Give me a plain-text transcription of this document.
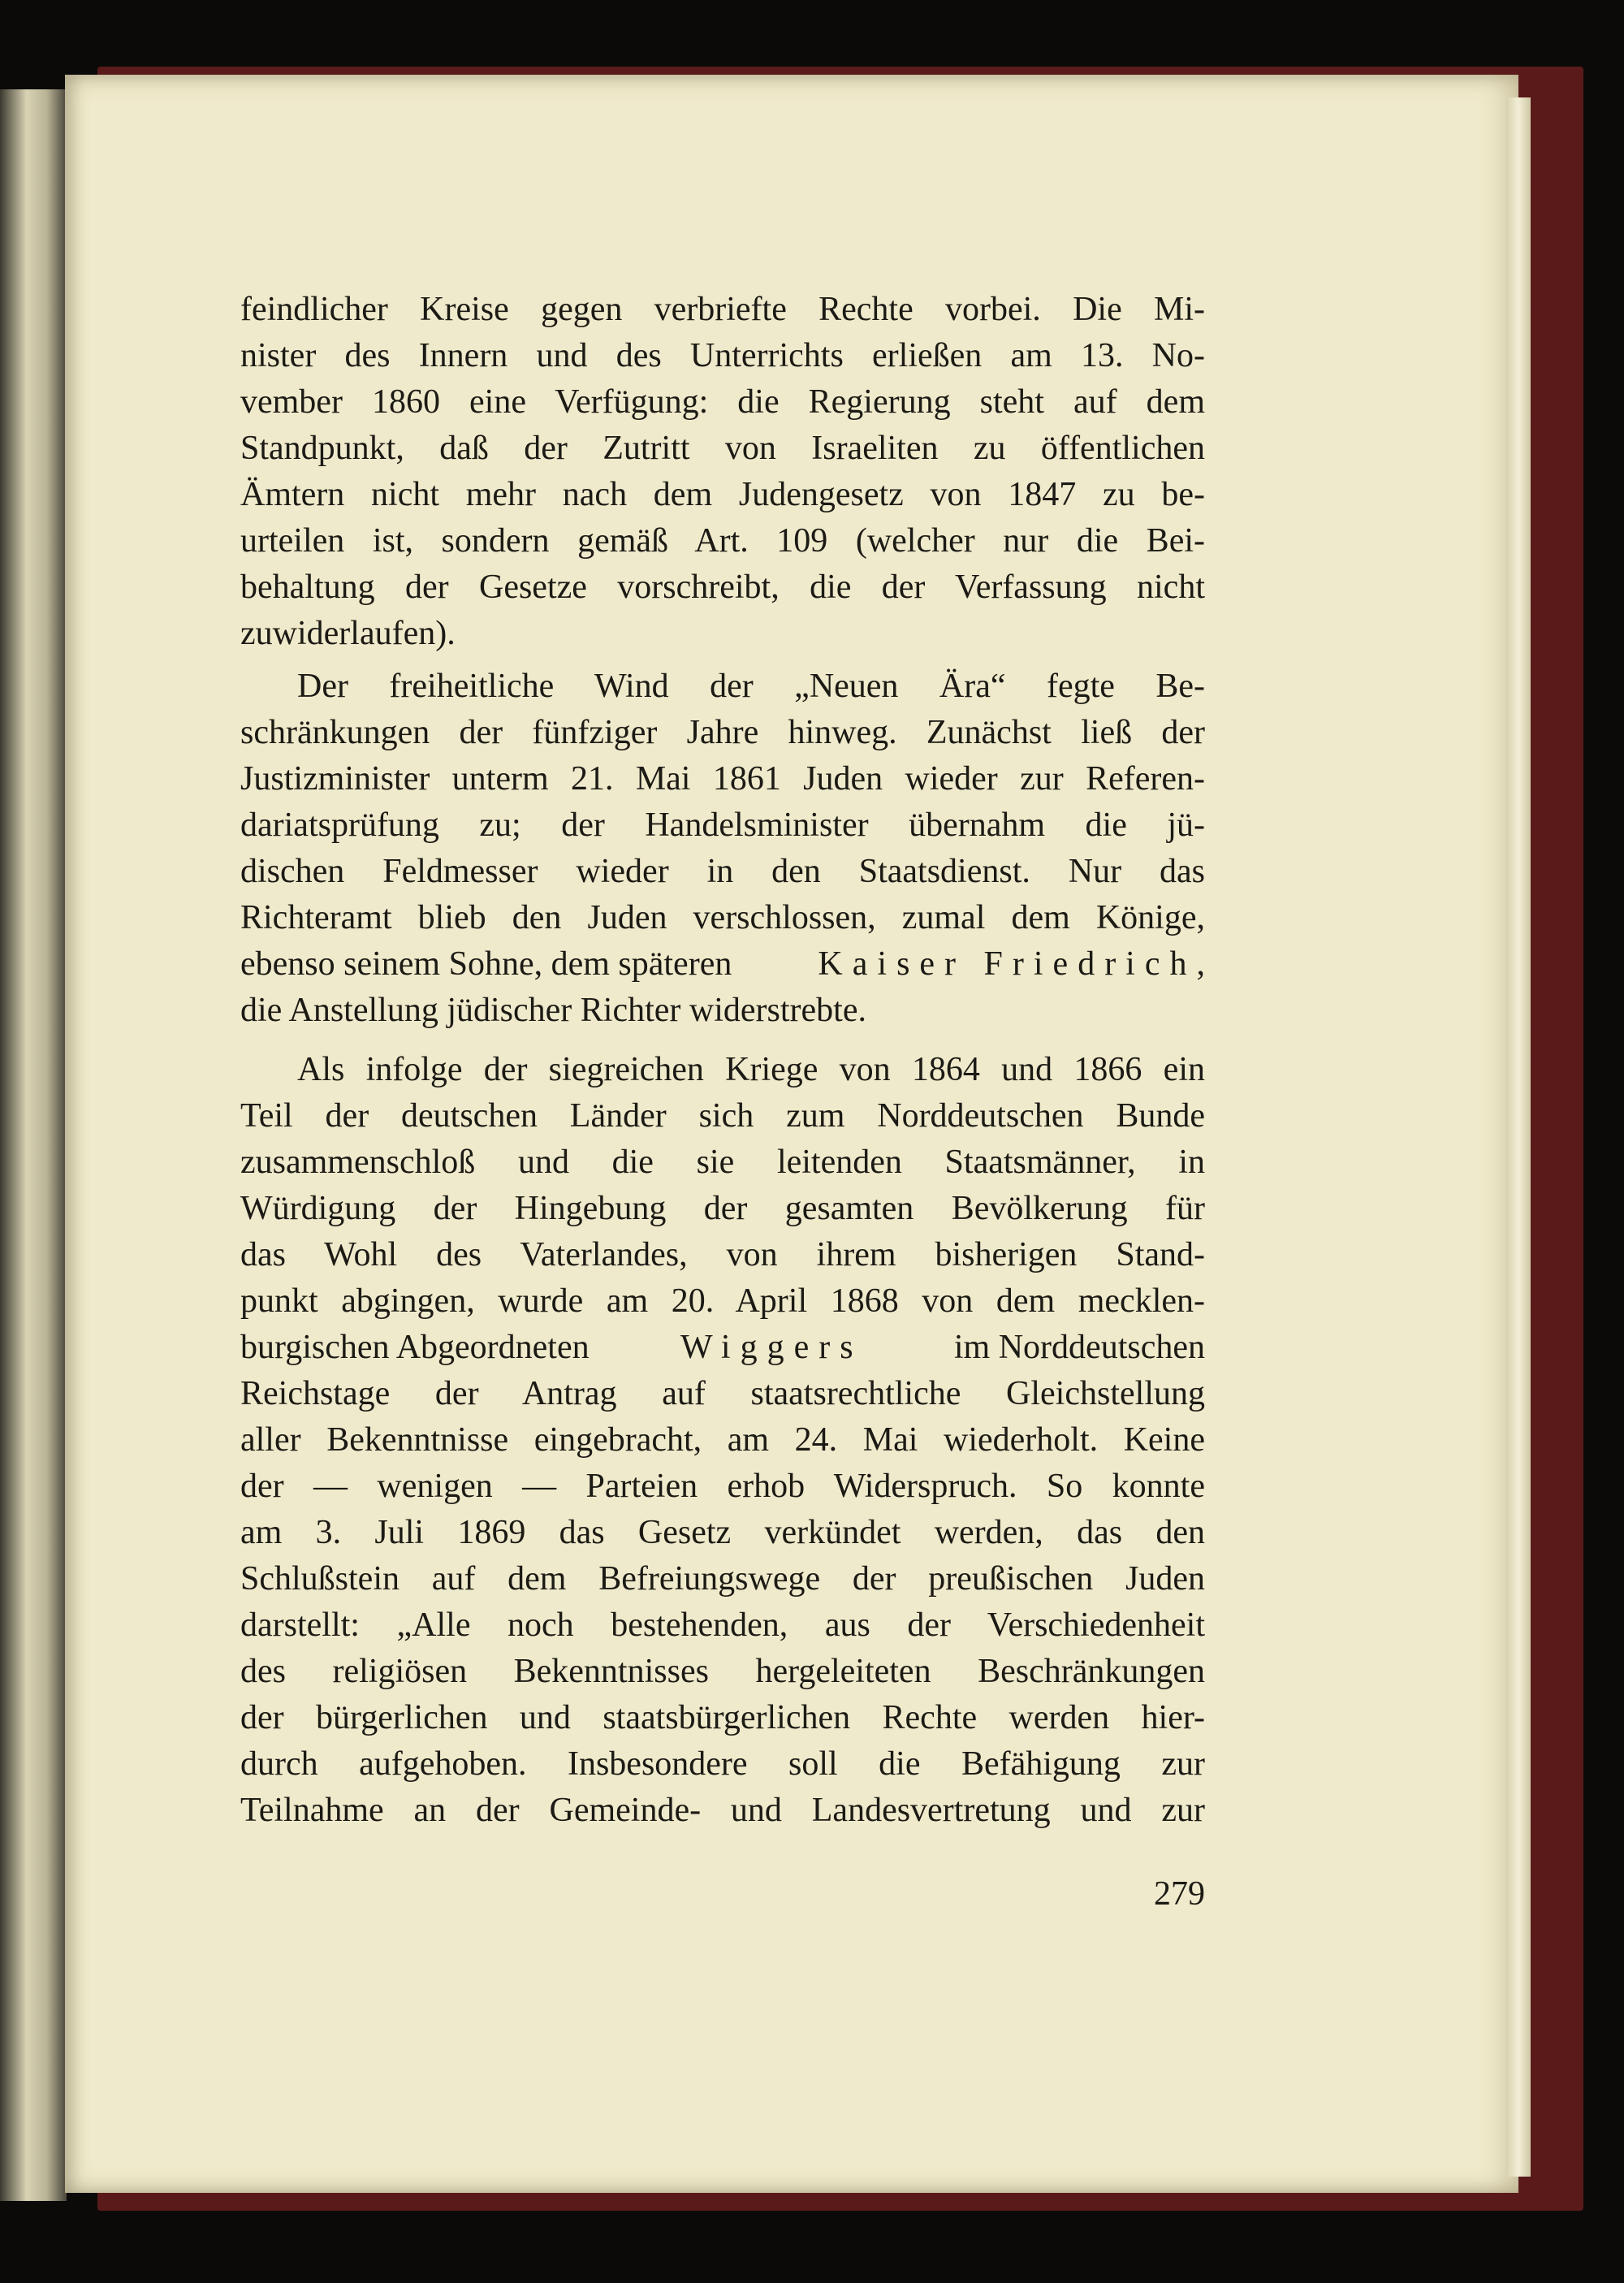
feindlicher Kreise gegen verbriefte Rechte vorbei. Die Mi-
nister des Innern und des Unterrichts erließen am 13. No-
vember 1860 eine Verfügung: die Regierung steht auf dem
Standpunkt, daß der Zutritt von Israeliten zu öffentlichen
Ämtern nicht mehr nach dem Judengesetz von 1847 zu be-
urteilen ist, sondern gemäß Art. 109 (welcher nur die Bei-
behaltung der Gesetze vorschreibt, die der Verfassung nicht
zuwiderlaufen).
Der freiheitliche Wind der „Neuen Ära“ fegte Be-
schränkungen der fünfziger Jahre hinweg. Zunächst ließ der
Justizminister unterm 21. Mai 1861 Juden wieder zur Referen-
dariatsprüfung zu; der Handelsminister übernahm die jü-
dischen Feldmesser wieder in den Staatsdienst. Nur das
Richteramt blieb den Juden verschlossen, zumal dem Könige,
ebenso seinem Sohne, dem späteren	Kaiser Friedrich,
die Anstellung jüdischer Richter widerstrebte.
Als infolge der siegreichen Kriege von 1864 und 1866 ein
Teil der deutschen Länder sich zum Norddeutschen Bunde
zusammenschloß und die sie leitenden Staatsmänner, in
Würdigung der Hingebung der gesamten Bevölkerung für
das Wohl des Vaterlandes, von ihrem bisherigen Stand-
punkt abgingen, wurde am 20. April 1868 von dem mecklen-
burgischen Abgeordneten	Wiggers	im Norddeutschen
Reichstage der Antrag auf staatsrechtliche Gleichstellung
aller Bekenntnisse eingebracht, am 24. Mai wiederholt. Keine
der — wenigen — Parteien erhob Widerspruch. So konnte
am 3. Juli 1869 das Gesetz verkündet werden, das den
Schlußstein auf dem Befreiungswege der preußischen Juden
darstellt: „Alle noch bestehenden, aus der Verschiedenheit
des religiösen Bekenntnisses hergeleiteten Beschränkungen
der bürgerlichen und staatsbürgerlichen Rechte werden hier-
durch aufgehoben. Insbesondere soll die Befähigung zur
Teilnahme an der Gemeinde- und Landesvertretung und zur
279
